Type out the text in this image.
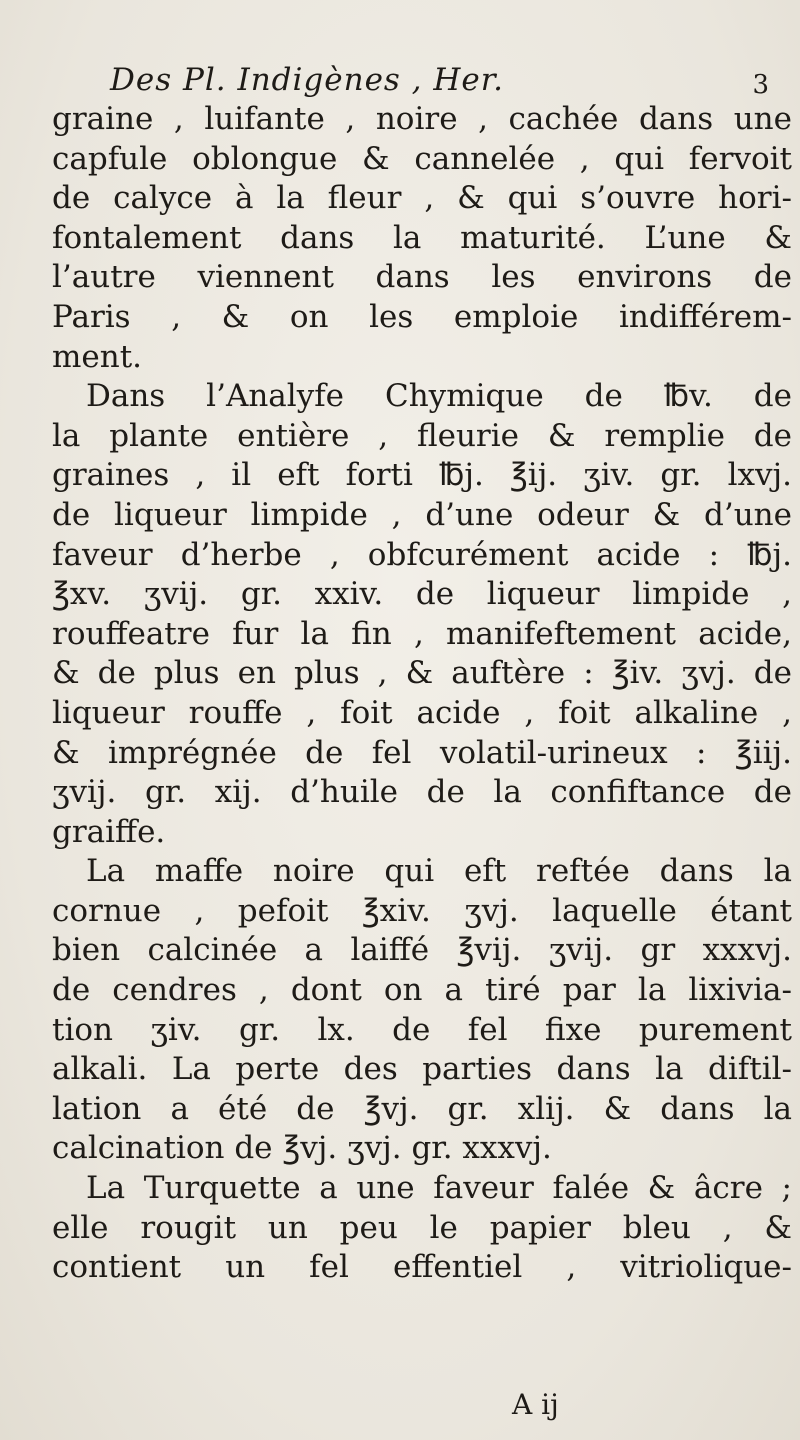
Des Pl. Indigènes , Her.	3
graine , luifante , noire , cachée dans une
capfule oblongue & cannelée , qui fervoit
de calyce à la fleur , & qui s’ouvre hori-
fontalement dans la maturité. L’une &
l’autre viennent dans les environs de
Paris , & on les emploie indifférem-
ment.
Dans l’Analyfe Chymique de ℔v. de
la plante entière , fleurie & remplie de
graines , il eft forti ℔j. ℥ij. ʒiv. gr. lxvj.
de liqueur limpide , d’une odeur & d’une
faveur d’herbe , obfcurément acide : ℔j.
℥xv. ʒvij. gr. xxiv. de liqueur limpide ,
rouffeatre fur la fin , manifeftement acide,
& de plus en plus , & auftère : ℥iv. ʒvj. de
liqueur rouffe , foit acide , foit alkaline ,
& imprégnée de fel volatil-urineux : ℥iij.
ʒvij. gr. xij. d’huile de la confiftance de
graiffe.
La maffe noire qui eft reftée dans la
cornue , pefoit ℥xiv. ʒvj. laquelle étant
bien calcinée a laiffé ℥vij. ʒvij. gr xxxvj.
de cendres , dont on a tiré par la lixivia-
tion ʒiv. gr. lx. de fel fixe purement
alkali. La perte des parties dans la diftil-
lation a été de ℥vj. gr. xlij. & dans la
calcination de ℥vj. ʒvj. gr. xxxvj.
La Turquette a une faveur falée & âcre ;
elle rougit un peu le papier bleu , &
contient un fel effentiel , vitriolique-
A ij
